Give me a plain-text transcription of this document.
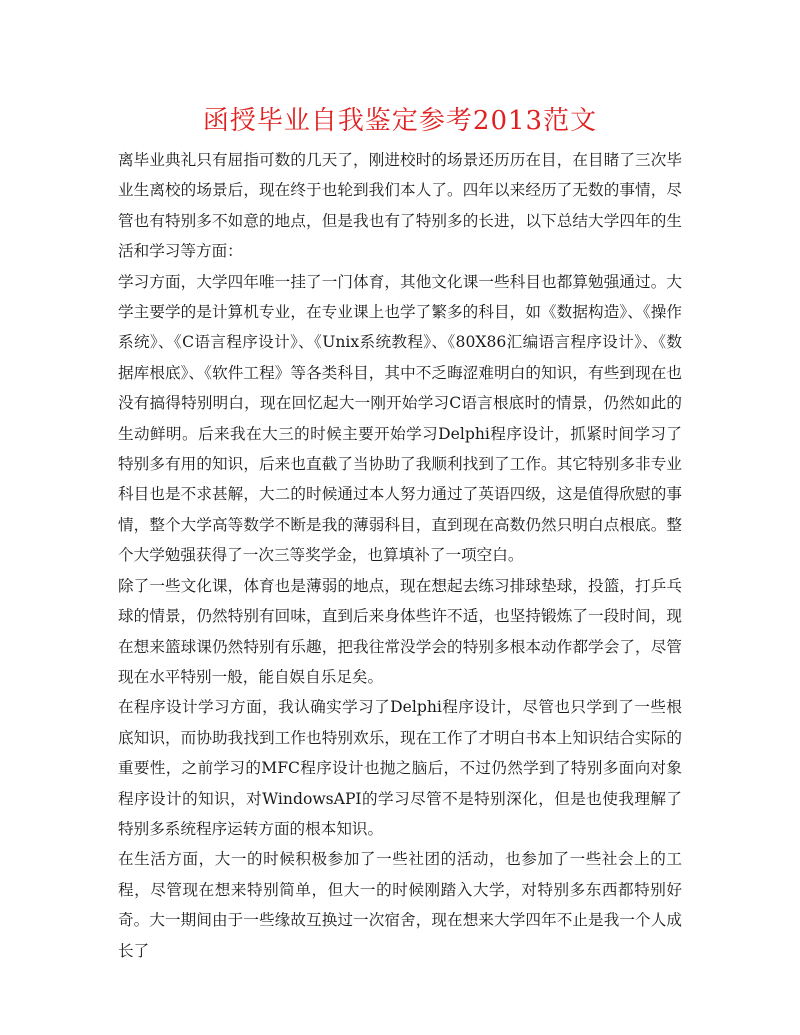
函授毕业自我鉴定参考2013范文

离毕业典礼只有屈指可数的几天了，刚进校时的场景还历历在目，在目睹了三次毕业生离校的场景后，现在终于也轮到我们本人了。四年以来经历了无数的事情，尽管也有特别多不如意的地点，但是我也有了特别多的长进，以下总结大学四年的生活和学习等方面：

学习方面，大学四年唯一挂了一门体育，其他文化课一些科目也都算勉强通过。大学主要学的是计算机专业，在专业课上也学了繁多的科目，如《数据构造》、《操作系统》、《C语言程序设计》、《Unix系统教程》、《80X86汇编语言程序设计》、《数据库根底》、《软件工程》等各类科目，其中不乏晦涩难明白的知识，有些到现在也没有搞得特别明白，现在回忆起大一刚开始学习C语言根底时的情景，仍然如此的生动鲜明。后来我在大三的时候主要开始学习Delphi程序设计，抓紧时间学习了特别多有用的知识，后来也直截了当协助了我顺利找到了工作。其它特别多非专业科目也是不求甚解，大二的时候通过本人努力通过了英语四级，这是值得欣慰的事情，整个大学高等数学不断是我的薄弱科目，直到现在高数仍然只明白点根底。整个大学勉强获得了一次三等奖学金，也算填补了一项空白。

除了一些文化课，体育也是薄弱的地点，现在想起去练习排球垫球，投篮，打乒乓球的情景，仍然特别有回味，直到后来身体些许不适，也坚持锻炼了一段时间，现在想来篮球课仍然特别有乐趣，把我往常没学会的特别多根本动作都学会了，尽管现在水平特别一般，能自娱自乐足矣。

在程序设计学习方面，我认确实学习了Delphi程序设计，尽管也只学到了一些根底知识，而协助我找到工作也特别欢乐，现在工作了才明白书本上知识结合实际的重要性，之前学习的MFC程序设计也抛之脑后，不过仍然学到了特别多面向对象程序设计的知识，对WindowsAPI的学习尽管不是特别深化，但是也使我理解了特别多系统程序运转方面的根本知识。

在生活方面，大一的时候积极参加了一些社团的活动，也参加了一些社会上的工程，尽管现在想来特别简单，但大一的时候刚踏入大学，对特别多东西都特别好奇。大一期间由于一些缘故互换过一次宿舍，现在想来大学四年不止是我一个人成长了
